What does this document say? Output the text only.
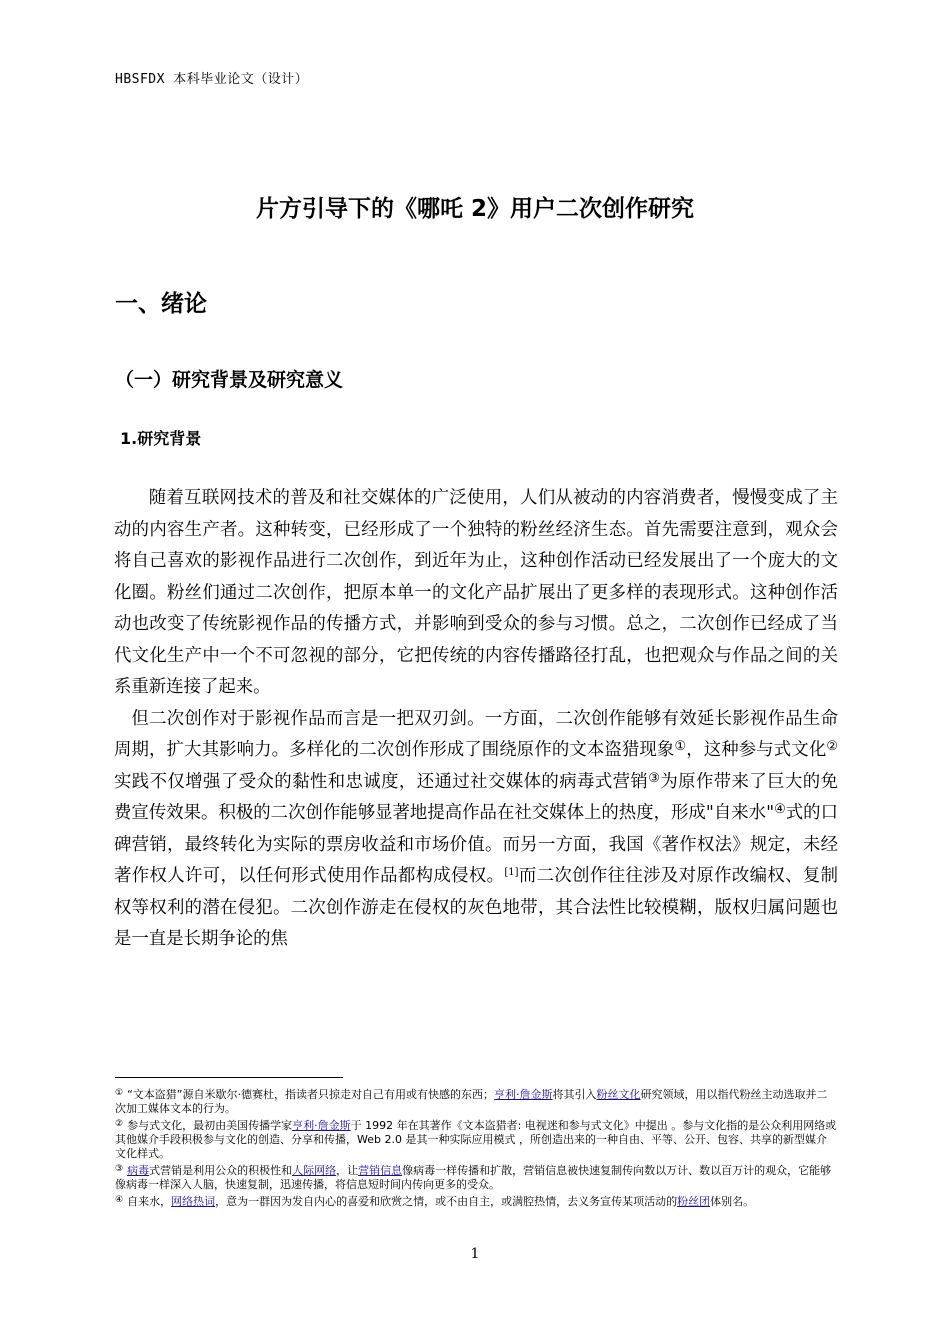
HBSFDX 本科毕业论文（设计）
片方引导下的《哪吒 2》用户二次创作研究
一、绪论
（一）研究背景及研究意义
1.研究背景

随着互联网技术的普及和社交媒体的广泛使用，人们从被动的内容消费者，慢慢变成了主动的内容生产者。这种转变，已经形成了一个独特的粉丝经济生态。首先需要注意到，观众会将自己喜欢的影视作品进行二次创作，到近年为止，这种创作活动已经发展出了一个庞大的文化圈。粉丝们通过二次创作，把原本单一的文化产品扩展出了更多样的表现形式。这种创作活动也改变了传统影视作品的传播方式，并影响到受众的参与习惯。总之，二次创作已经成了当代文化生产中一个不可忽视的部分，它把传统的内容传播路径打乱，也把观众与作品之间的关系重新连接了起来。

但二次创作对于影视作品而言是一把双刃剑。一方面，二次创作能够有效延长影视作品生命周期，扩大其影响力。多样化的二次创作形成了围绕原作的文本盗猎现象①，这种参与式文化②实践不仅增强了受众的黏性和忠诚度，还通过社交媒体的病毒式营销③为原作带来了巨大的免费宣传效果。积极的二次创作能够显著地提高作品在社交媒体上的热度，形成"自来水"④式的口碑营销，最终转化为实际的票房收益和市场价值。而另一方面，我国《著作权法》规定，未经著作权人许可，以任何形式使用作品都构成侵权。[1]而二次创作往往涉及对原作改编权、复制权等权利的潜在侵犯。二次创作游走在侵权的灰色地带，其合法性比较模糊，版权归属问题也是一直是长期争论的焦

① “文本盗猎”源自米歇尔·德赛杜，指读者只掠走对自己有用或有快感的东西；亨利·詹金斯将其引入粉丝文化研究领域，用以指代粉丝主动选取并二次加工媒体文本的行为。

② 参与式文化，最初由美国传播学家亨利·詹金斯于 1992 年在其著作《文本盗猎者: 电视迷和参与式文化》中提出 。参与文化指的是公众利用网络或其他媒介手段积极参与文化的创造、分享和传播，Web 2.0 是其一种实际应用模式 ，所创造出来的一种自由、平等、公开、包容、共享的新型媒介文化样式。

③ 病毒式营销是利用公众的积极性和人际网络，让营销信息像病毒一样传播和扩散，营销信息被快速复制传向数以万计、数以百万计的观众，它能够像病毒一样深入人脑，快速复制，迅速传播，将信息短时间内传向更多的受众。

④ 自来水，网络热词，意为一群因为发自内心的喜爱和欣赏之情，或不由自主，或满腔热情，去义务宣传某项活动的粉丝团体别名。

1
